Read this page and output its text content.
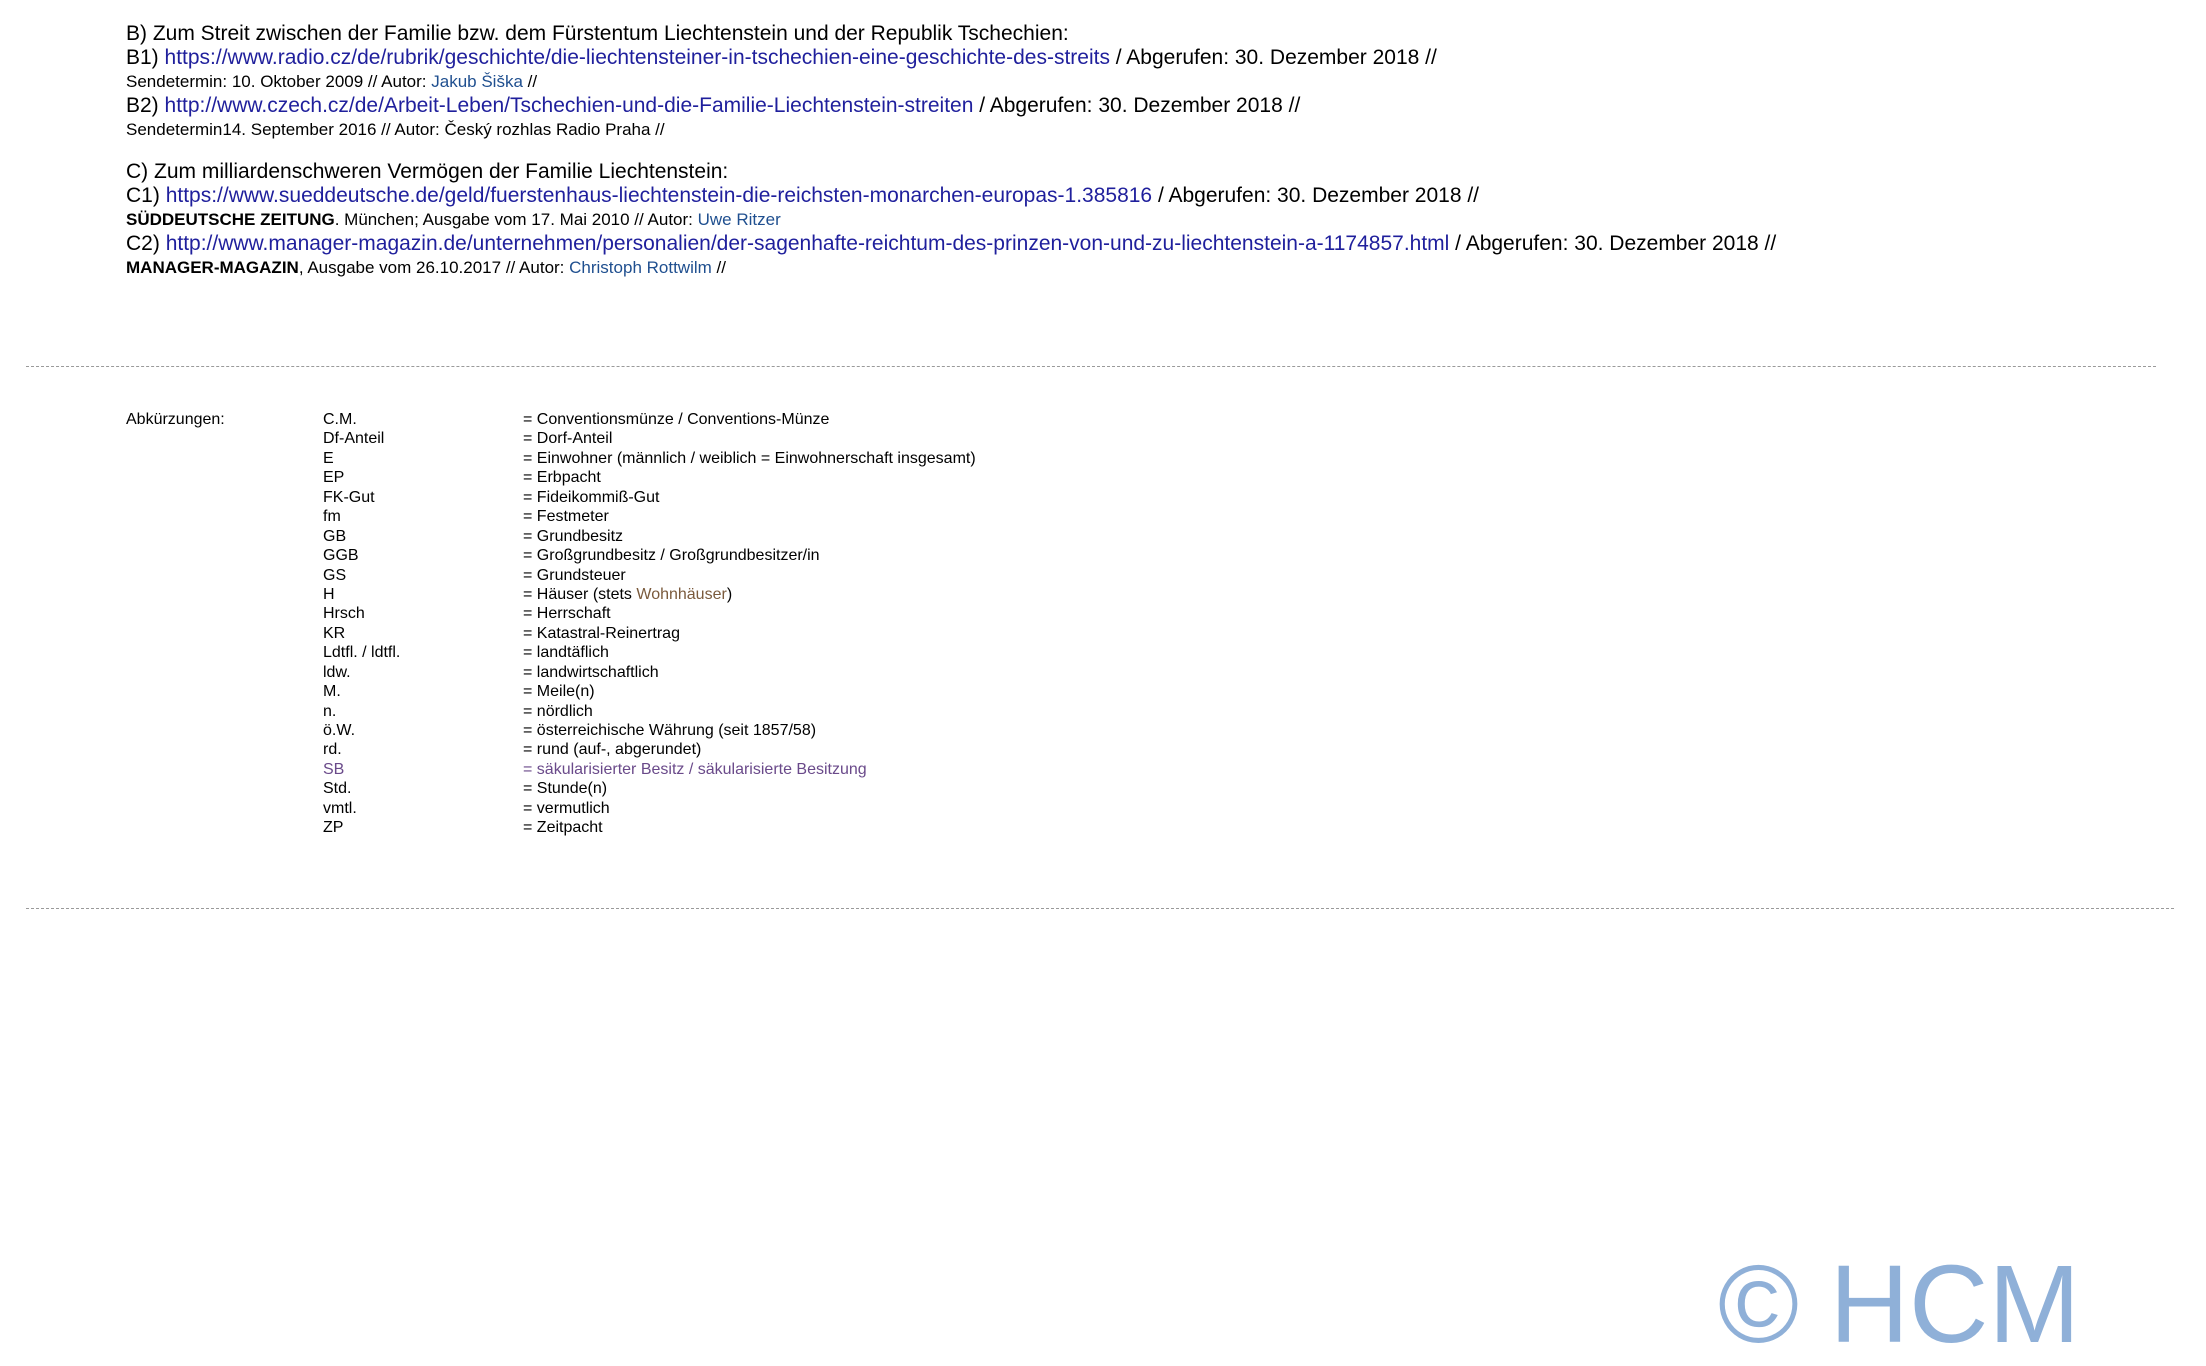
B) Zum Streit zwischen der Familie bzw. dem Fürstentum Liechtenstein und der Republik Tschechien:
B1) https://www.radio.cz/de/rubrik/geschichte/die-liechtensteiner-in-tschechien-eine-geschichte-des-streits / Abgerufen: 30. Dezember 2018 //
Sendetermin: 10. Oktober 2009 // Autor: Jakub Šiška //
B2) http://www.czech.cz/de/Arbeit-Leben/Tschechien-und-die-Familie-Liechtenstein-streiten / Abgerufen: 30. Dezember 2018 //
Sendetermin14. September 2016 // Autor: Český rozhlas Radio Praha //
C) Zum milliardenschweren Vermögen der Familie Liechtenstein:
C1) https://www.sueddeutsche.de/geld/fuerstenhaus-liechtenstein-die-reichsten-monarchen-europas-1.385816 / Abgerufen: 30. Dezember 2018 //
SÜDDEUTSCHE ZEITUNG. München; Ausgabe vom 17. Mai 2010 // Autor: Uwe Ritzer
C2) http://www.manager-magazin.de/unternehmen/personalien/der-sagenhafte-reichtum-des-prinzen-von-und-zu-liechtenstein-a-1174857.html / Abgerufen: 30. Dezember 2018 //
MANAGER-MAGAZIN, Ausgabe vom 26.10.2017 // Autor: Christoph Rottwilm //
Abkürzungen:	C.M.	= Conventionsmünze / Conventions-Münze
Df-Anteil	= Dorf-Anteil
E	= Einwohner (männlich / weiblich = Einwohnerschaft insgesamt)
EP	= Erbpacht
FK-Gut	= Fideikommiß-Gut
fm	= Festmeter
GB	= Grundbesitz
GGB	= Großgrundbesitz / Großgrundbesitzer/in
GS	= Grundsteuer
H	= Häuser (stets Wohnhäuser)
Hrsch	= Herrschaft
KR	= Katastral-Reinertrag
Ldtfl. / ldtfl.	= landtäflich
ldw.	= landwirtschaftlich
M.	= Meile(n)
n.	= nördlich
ö.W.	= österreichische Währung (seit 1857/58)
rd.	= rund (auf-, abgerundet)
SB	= säkularisierter Besitz / säkularisierte Besitzung
Std.	= Stunde(n)
vmtl.	= vermutlich
ZP	= Zeitpacht
© HCM
